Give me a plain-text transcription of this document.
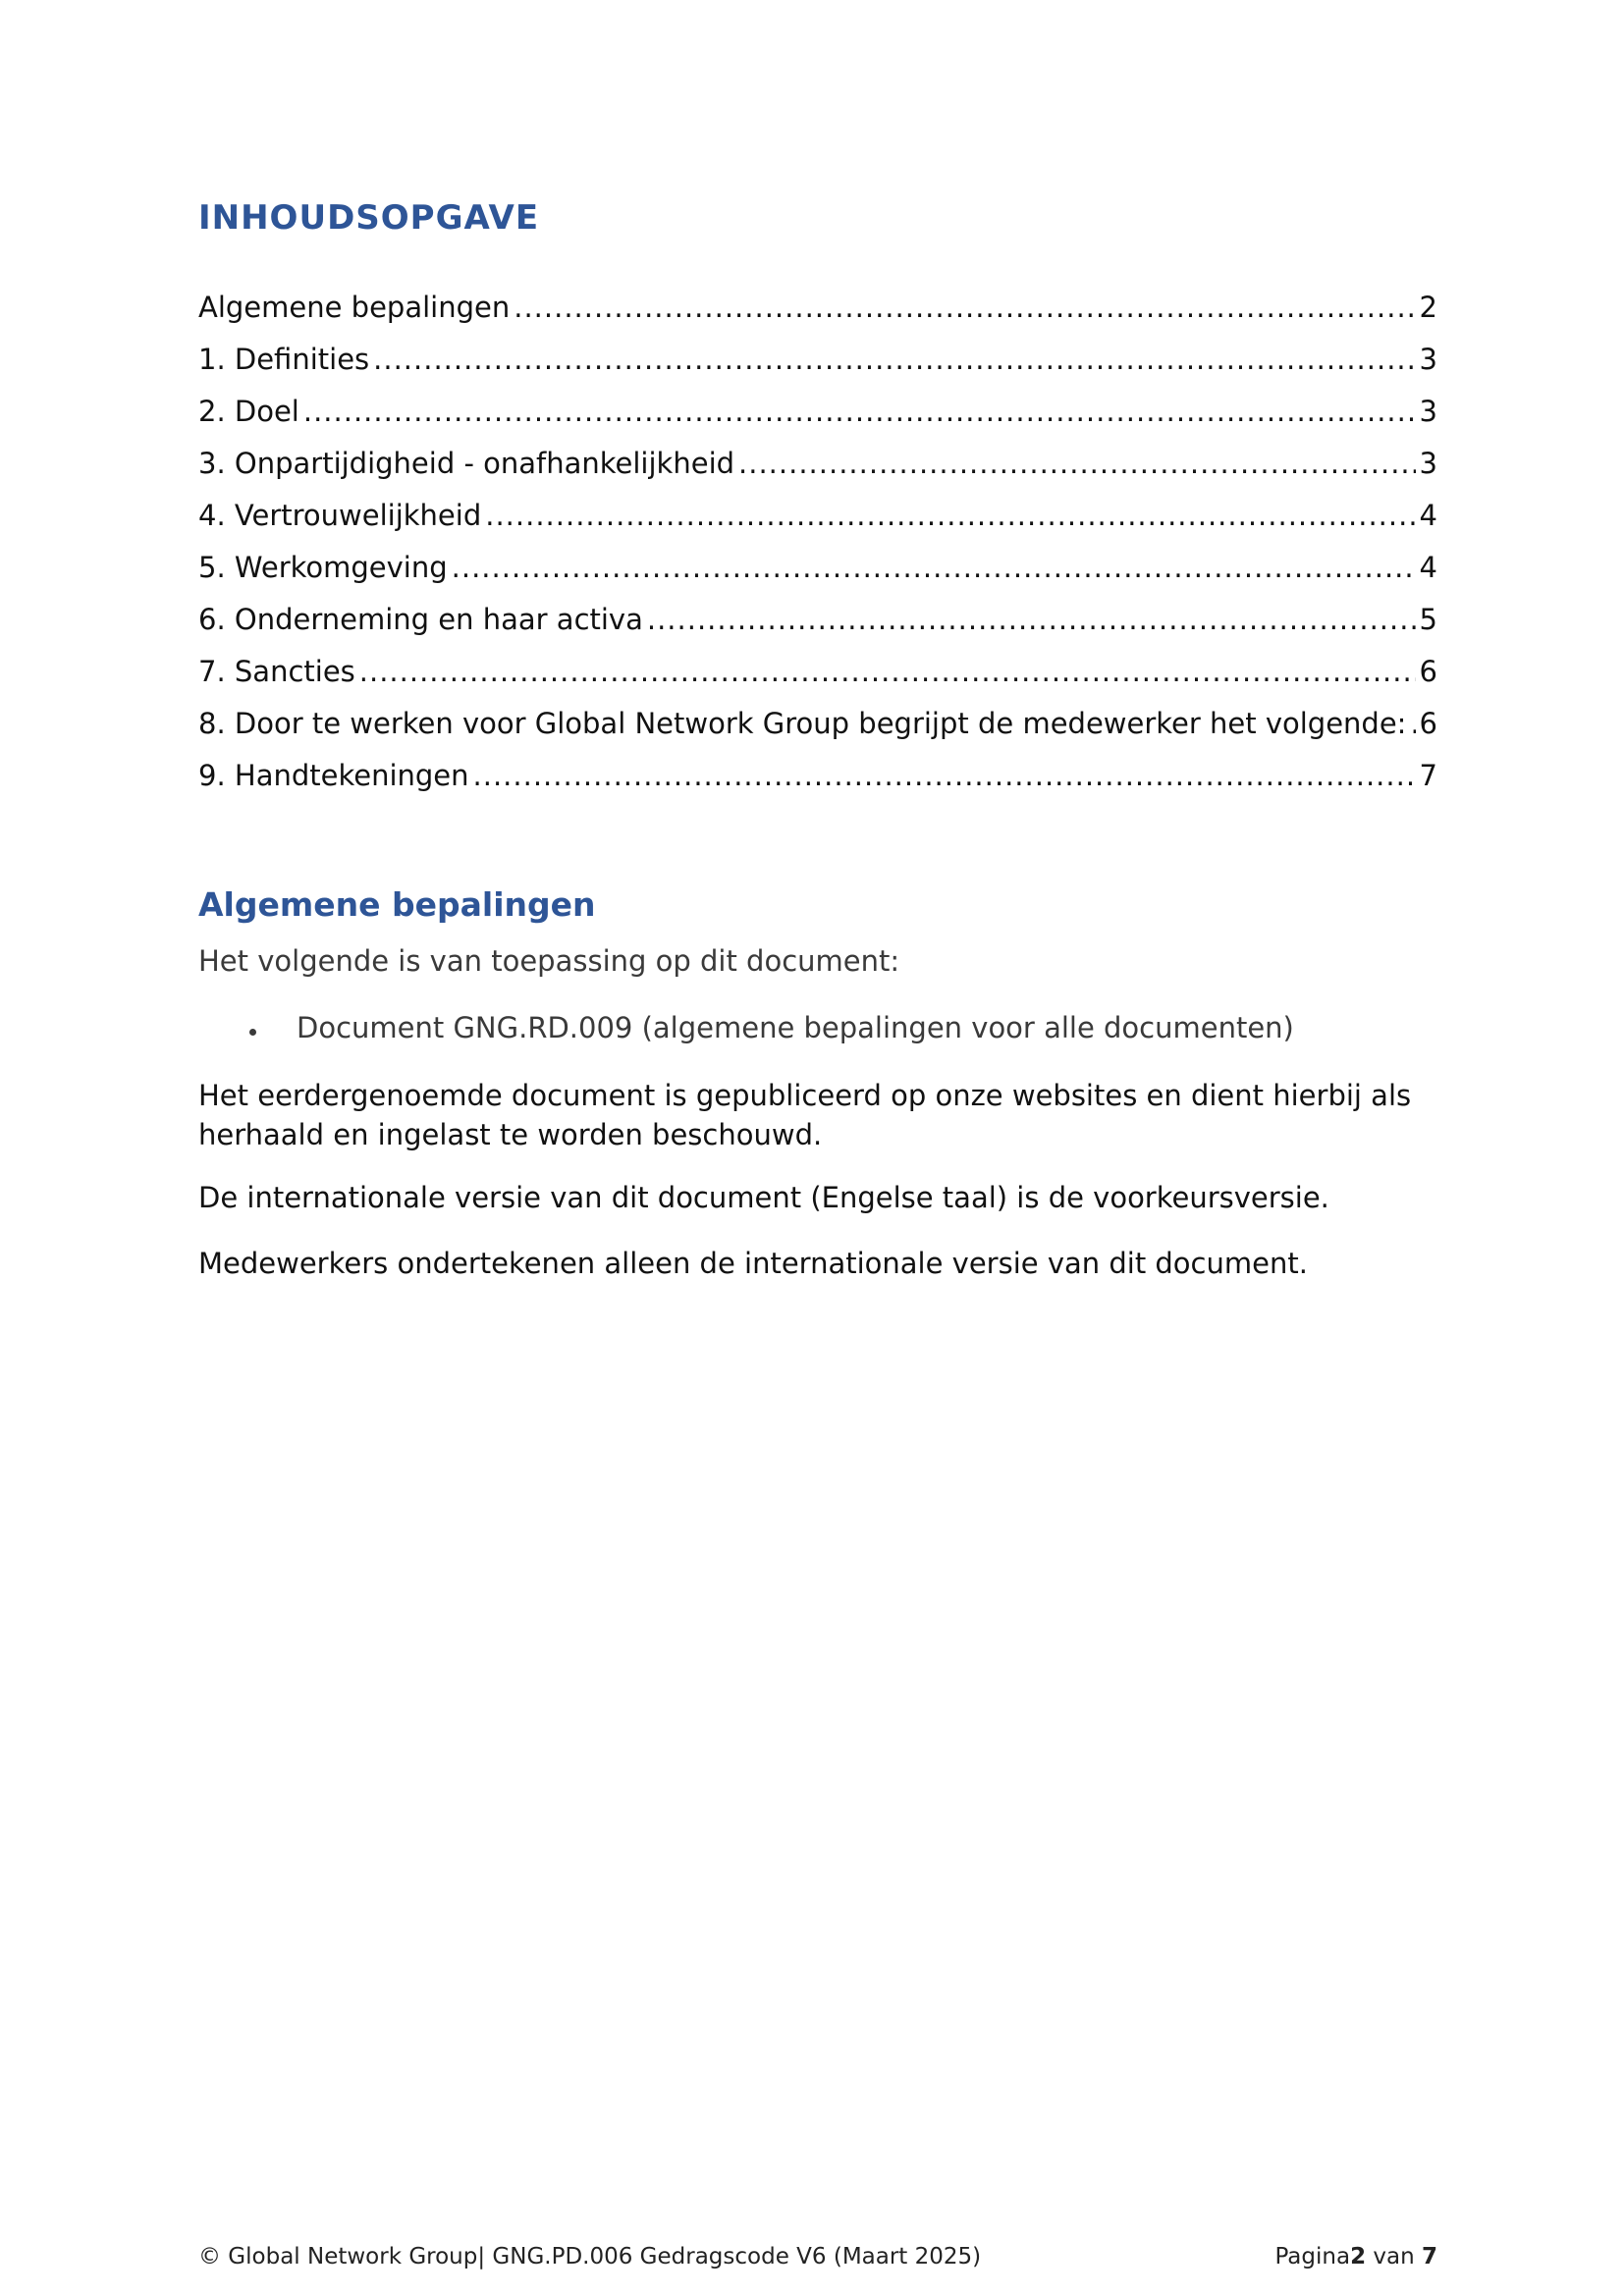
INHOUDSOPGAVE
Algemene bepalingen .....	2
1. Definities .....	3
2. Doel .....	3
3. Onpartijdigheid - onafhankelijkheid .....	3
4. Vertrouwelijkheid .....	4
5. Werkomgeving .....	4
6. Onderneming en haar activa .....	5
7. Sancties .....	6
8. Door te werken voor Global Network Group begrijpt de medewerker het volgende: ..... 6
9. Handtekeningen .....	7
Algemene bepalingen
Het volgende is van toepassing op dit document:
Document GNG.RD.009 (algemene bepalingen voor alle documenten)
Het eerdergenoemde document is gepubliceerd op onze websites en dient hierbij als herhaald en ingelast te worden beschouwd.
De internationale versie van dit document (Engelse taal) is de voorkeursversie.
Medewerkers ondertekenen alleen de internationale versie van dit document.
© Global Network Group| GNG.PD.006 Gedragscode V6 (Maart 2025)	Pagina2 van 7
